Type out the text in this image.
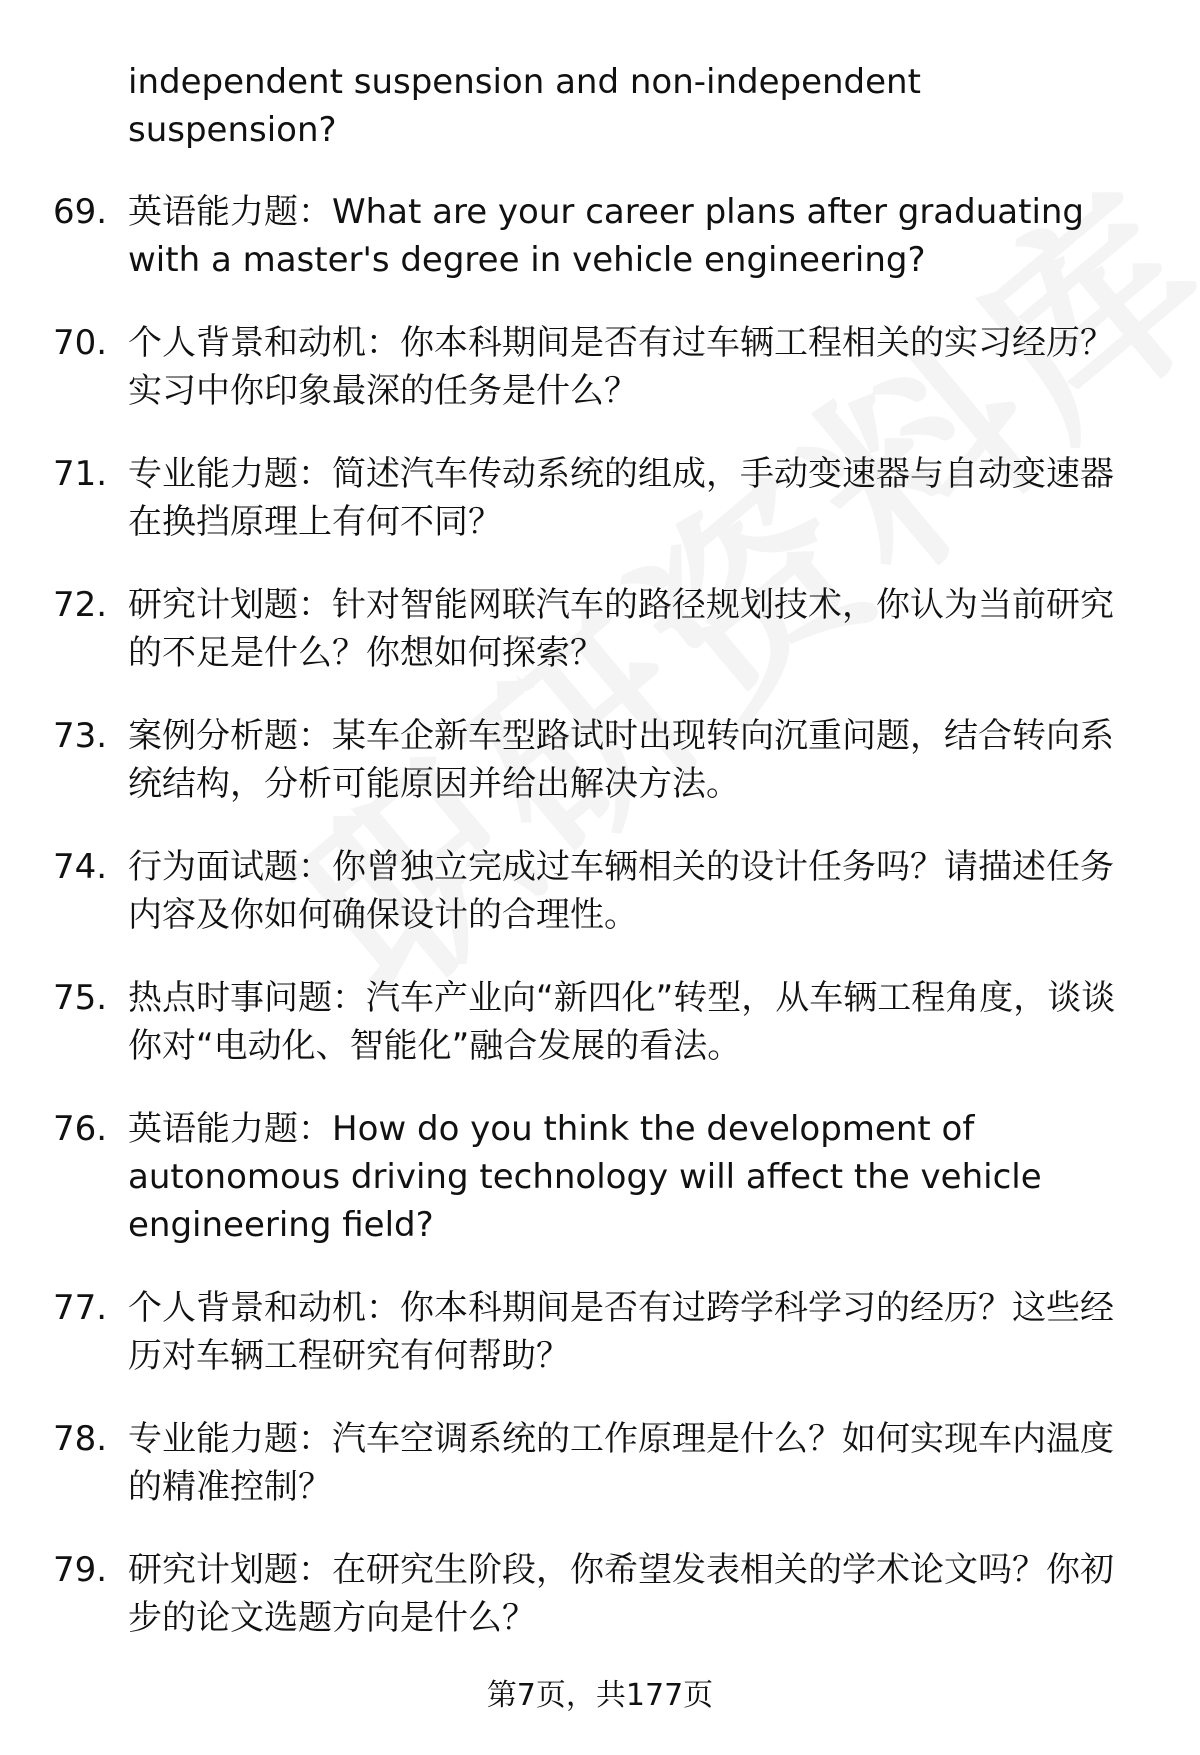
independent suspension and non-independent suspension?
69. 英语能力题：What are your career plans after graduating with a master's degree in vehicle engineering?
70. 个人背景和动机：你本科期间是否有过车辆工程相关的实习经历？实习中你印象最深的任务是什么？
71. 专业能力题：简述汽车传动系统的组成，手动变速器与自动变速器在换挡原理上有何不同？
72. 研究计划题：针对智能网联汽车的路径规划技术，你认为当前研究的不足是什么？你想如何探索？
73. 案例分析题：某车企新车型路试时出现转向沉重问题，结合转向系统结构，分析可能原因并给出解决方法。
74. 行为面试题：你曾独立完成过车辆相关的设计任务吗？请描述任务内容及你如何确保设计的合理性。
75. 热点时事问题：汽车产业向“新四化”转型，从车辆工程角度，谈谈你对“电动化、智能化”融合发展的看法。
76. 英语能力题：How do you think the development of autonomous driving technology will affect the vehicle engineering field?
77. 个人背景和动机：你本科期间是否有过跨学科学习的经历？这些经历对车辆工程研究有何帮助？
78. 专业能力题：汽车空调系统的工作原理是什么？如何实现车内温度的精准控制？
79. 研究计划题：在研究生阶段，你希望发表相关的学术论文吗？你初步的论文选题方向是什么？
第7页，共177页
